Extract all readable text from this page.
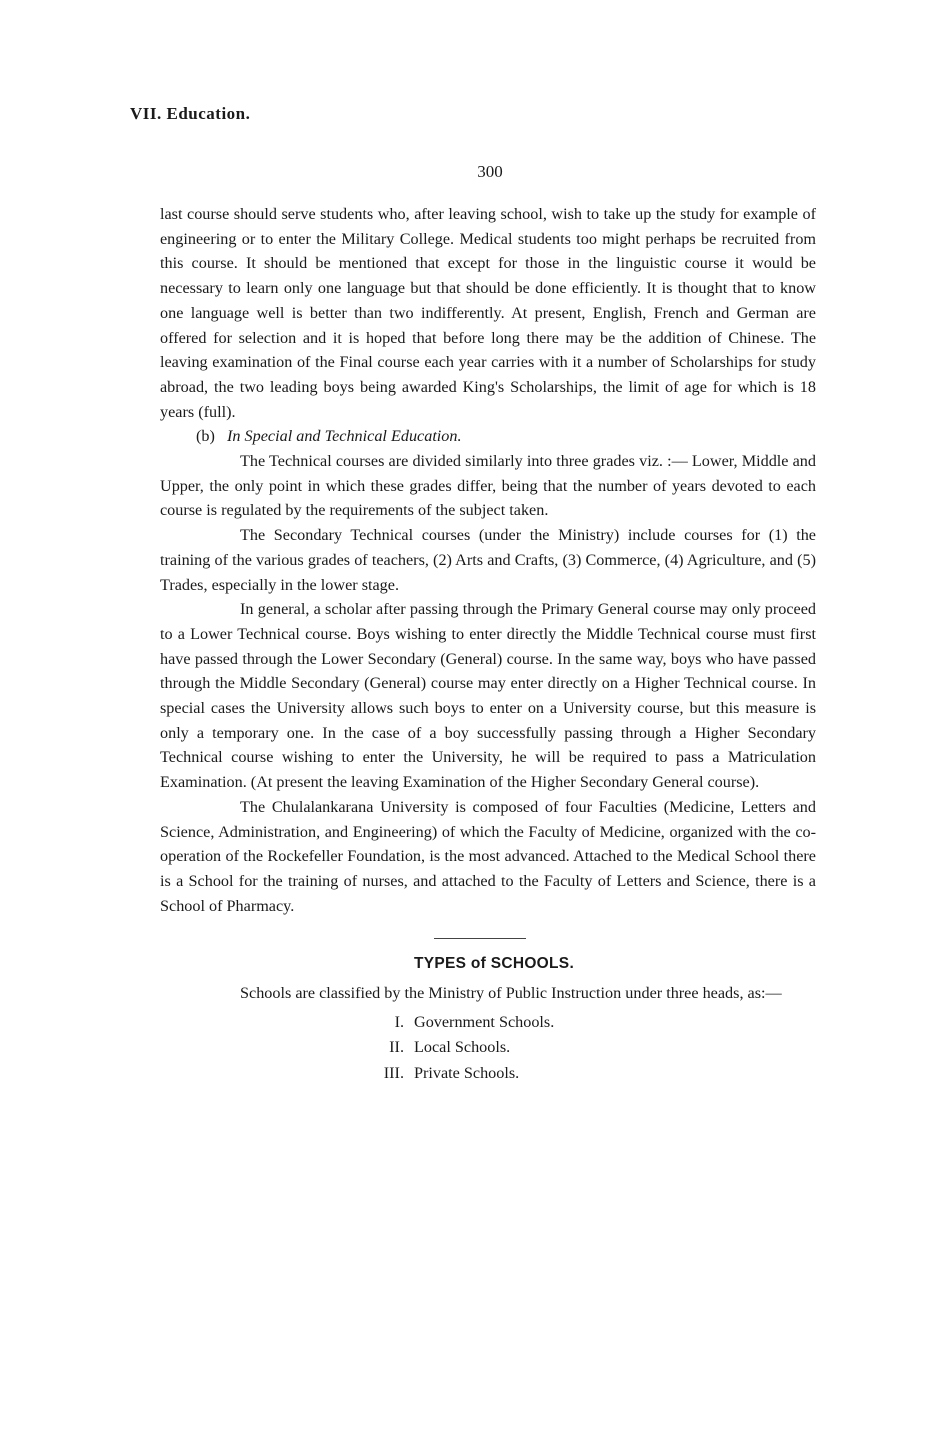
VII. Education.
300

last course should serve students who, after leaving school, wish to take up the study for example of engineering or to enter the Military College. Medical students too might perhaps be recruited from this course. It should be mentioned that except for those in the linguistic course it would be necessary to learn only one language but that should be done efficiently. It is thought that to know one language well is better than two indifferently. At present, English, French and German are offered for selection and it is hoped that before long there may be the addition of Chinese. The leaving examination of the Final course each year carries with it a number of Scholarships for study abroad, the two leading boys being awarded King's Scholarships, the limit of age for which is 18 years (full).

(b) In Special and Technical Education.

The Technical courses are divided similarly into three grades viz. :— Lower, Middle and Upper, the only point in which these grades differ, being that the number of years devoted to each course is regulated by the requirements of the subject taken.

The Secondary Technical courses (under the Ministry) include courses for (1) the training of the various grades of teachers, (2) Arts and Crafts, (3) Commerce, (4) Agriculture, and (5) Trades, especially in the lower stage.

In general, a scholar after passing through the Primary General course may only proceed to a Lower Technical course. Boys wishing to enter directly the Middle Technical course must first have passed through the Lower Secondary (General) course. In the same way, boys who have passed through the Middle Secondary (General) course may enter directly on a Higher Technical course. In special cases the University allows such boys to enter on a University course, but this measure is only a temporary one. In the case of a boy successfully passing through a Higher Secondary Technical course wishing to enter the University, he will be required to pass a Matriculation Examination. (At present the leaving Examination of the Higher Secondary General course).

The Chulalankarana University is composed of four Faculties (Medicine, Letters and Science, Administration, and Engineering) of which the Faculty of Medicine, organized with the co-operation of the Rockefeller Foundation, is the most advanced. Attached to the Medical School there is a School for the training of nurses, and attached to the Faculty of Letters and Science, there is a School of Pharmacy.

TYPES of SCHOOLS.

Schools are classified by the Ministry of Public Instruction under three heads, as:—

I. Government Schools.
II. Local Schools.
III. Private Schools.
